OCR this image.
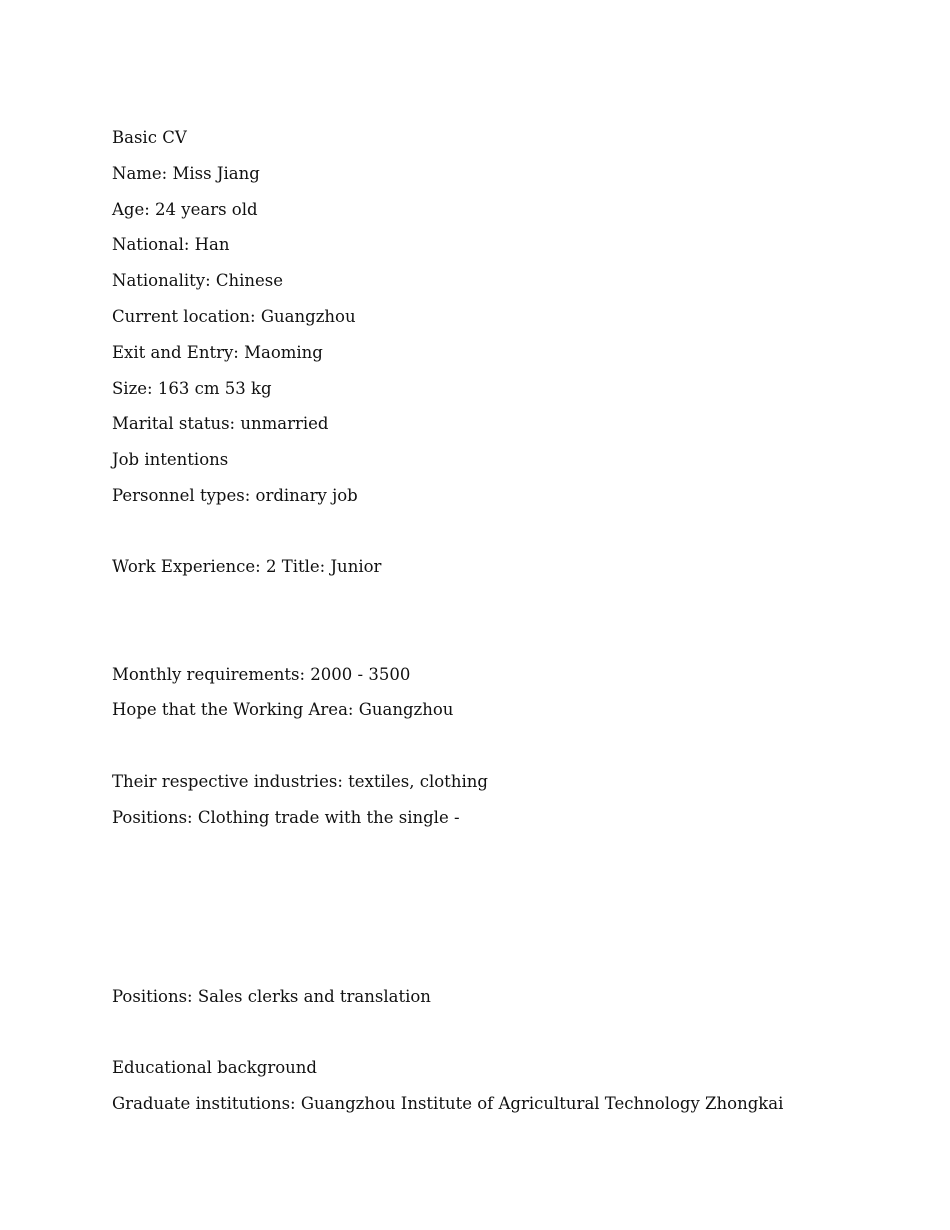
Basic CV
Name: Miss Jiang
Age: 24 years old
National: Han
Nationality: Chinese
Current location: Guangzhou
Exit and Entry: Maoming
Size: 163 cm 53 kg
Marital status: unmarried
Job intentions
Personnel types: ordinary job
Work Experience: 2 Title: Junior
Monthly requirements: 2000 - 3500
Hope that the Working Area: Guangzhou
Their respective industries: textiles, clothing
Positions: Clothing trade with the single -
Positions: Sales clerks and translation
Educational background
Graduate institutions: Guangzhou Institute of Agricultural Technology Zhongkai
